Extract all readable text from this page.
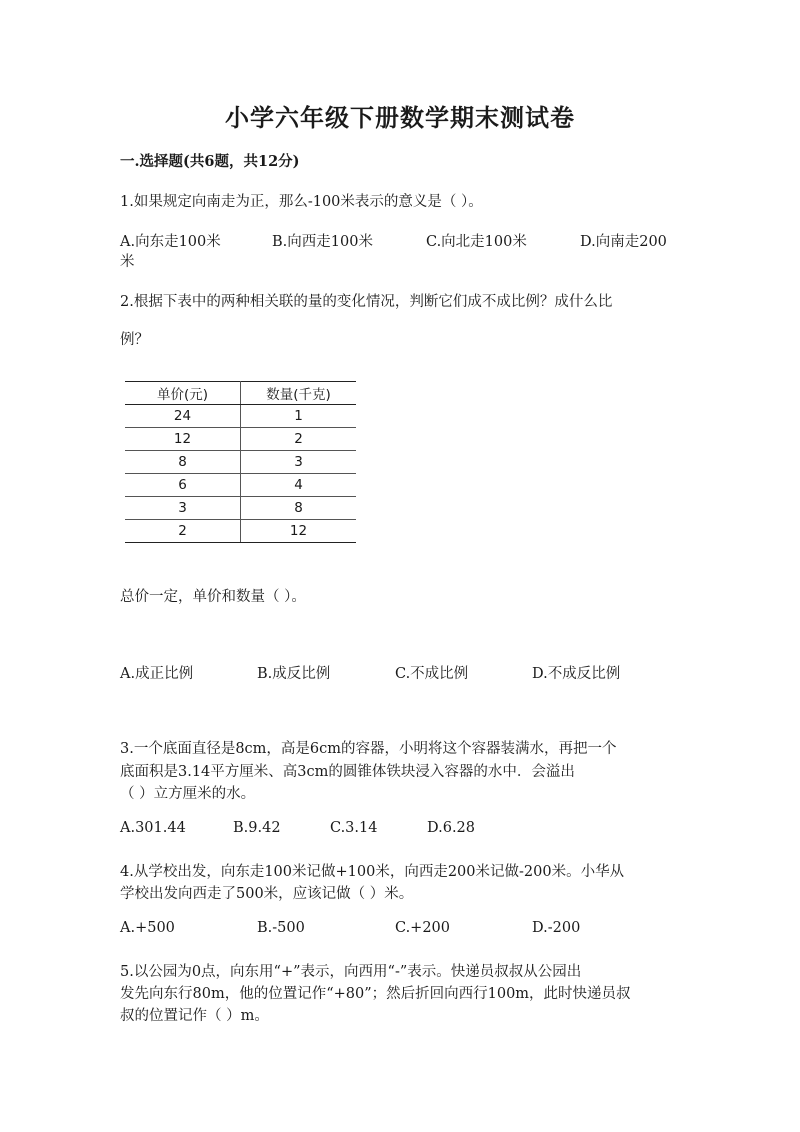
小学六年级下册数学期末测试卷
一.选择题(共6题，共12分)
1.如果规定向南走为正，那么-100米表示的意义是（ ）。
A.向东走100米	B.向西走100米	C.向北走100米	D.向南走200
米
2.根据下表中的两种相关联的量的变化情况，判断它们成不成比例？成什么比
例？
单价(元)	数量(千克)
24	1
12	2
8	3
6	4
3	8
2	12
总价一定，单价和数量（ ）。
A.成正比例	B.成反比例	C.不成比例	D.不成反比例
3.一个底面直径是8cm，高是6cm的容器，小明将这个容器装满水，再把一个
底面积是3.14平方厘米、高3cm的圆锥体铁块浸入容器的水中．会溢出
（ ）立方厘米的水。
A.301.44	B.9.42	C.3.14	D.6.28
4.从学校出发，向东走100米记做+100米，向西走200米记做-200米。小华从
学校出发向西走了500米，应该记做（ ）米。
A.+500	B.-500	C.+200	D.-200
5.以公园为0点，向东用“+”表示，向西用“-”表示。快递员叔叔从公园出
发先向东行80m，他的位置记作“+80”；然后折回向西行100m，此时快递员叔
叔的位置记作（ ）m。
